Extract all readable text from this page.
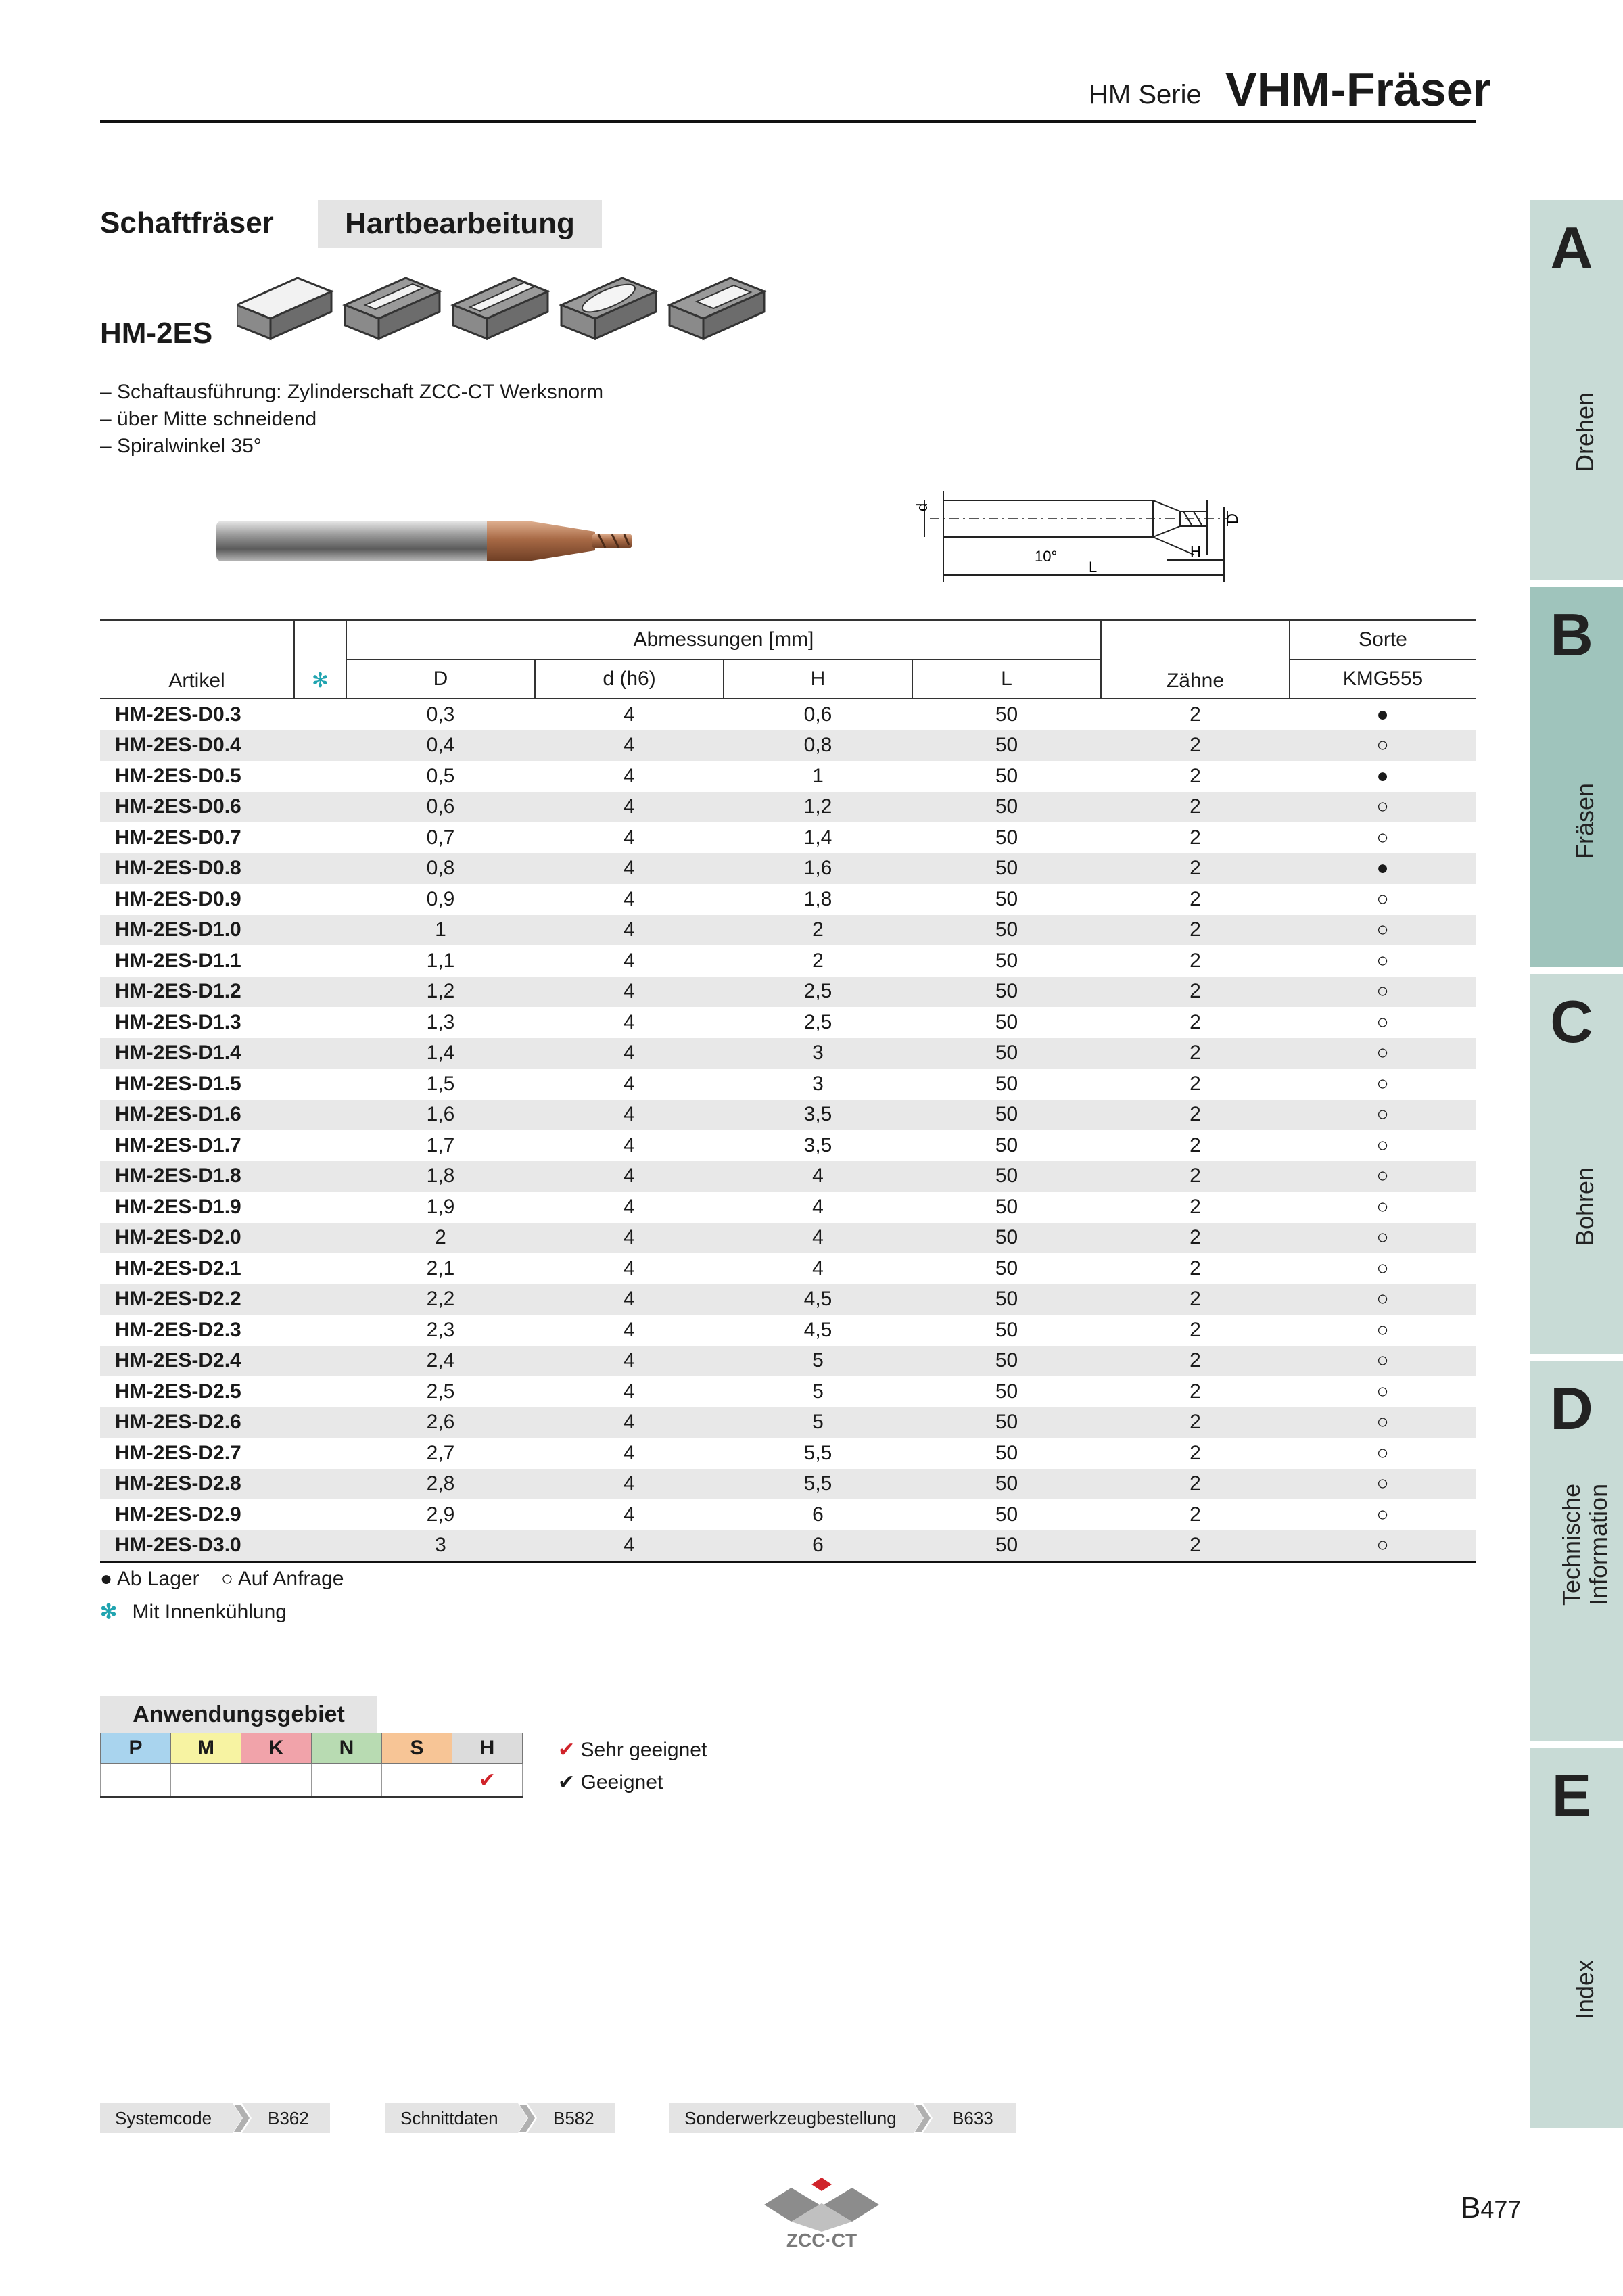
HM Serie VHM-Fräser
Schaftfräser	Hartbearbeitung
HM-2ES
– Schaftausführung: Zylinderschaft ZCC-CT Werksnorm
– über Mitte schneidend
– Spiralwinkel 35°
d
D
H
L
10°
Artikel	✻	Abmessungen [mm]				Zähne	Sorte
		D	d (h6)	H	L		KMG555
HM-2ES-D0.3		0,3	4	0,6	50	2	●
HM-2ES-D0.4		0,4	4	0,8	50	2	○
HM-2ES-D0.5		0,5	4	1	50	2	●
HM-2ES-D0.6		0,6	4	1,2	50	2	○
HM-2ES-D0.7		0,7	4	1,4	50	2	○
HM-2ES-D0.8		0,8	4	1,6	50	2	●
HM-2ES-D0.9		0,9	4	1,8	50	2	○
HM-2ES-D1.0		1	4	2	50	2	○
HM-2ES-D1.1		1,1	4	2	50	2	○
HM-2ES-D1.2		1,2	4	2,5	50	2	○
HM-2ES-D1.3		1,3	4	2,5	50	2	○
HM-2ES-D1.4		1,4	4	3	50	2	○
HM-2ES-D1.5		1,5	4	3	50	2	○
HM-2ES-D1.6		1,6	4	3,5	50	2	○
HM-2ES-D1.7		1,7	4	3,5	50	2	○
HM-2ES-D1.8		1,8	4	4	50	2	○
HM-2ES-D1.9		1,9	4	4	50	2	○
HM-2ES-D2.0		2	4	4	50	2	○
HM-2ES-D2.1		2,1	4	4	50	2	○
HM-2ES-D2.2		2,2	4	4,5	50	2	○
HM-2ES-D2.3		2,3	4	4,5	50	2	○
HM-2ES-D2.4		2,4	4	5	50	2	○
HM-2ES-D2.5		2,5	4	5	50	2	○
HM-2ES-D2.6		2,6	4	5	50	2	○
HM-2ES-D2.7		2,7	4	5,5	50	2	○
HM-2ES-D2.8		2,8	4	5,5	50	2	○
HM-2ES-D2.9		2,9	4	6	50	2	○
HM-2ES-D3.0		3	4	6	50	2	○
● Ab Lager ○ Auf Anfrage
✻ Mit Innenkühlung
Anwendungsgebiet
P	M	K	N	S	H
					✔
✔ Sehr geeignet
✔ Geeignet
Systemcode	B362	Schnittdaten	B582	Sonderwerkzeugbestellung	B633
ZCC·CT
B477
A
Drehen
B
Fräsen
C
Bohren
D
Technische Information
E
Index
